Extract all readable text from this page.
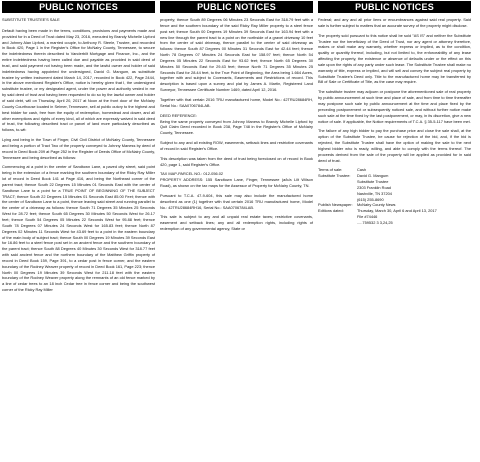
PUBLIC NOTICES
SUBSTITUTE TRUSTEE'S SALE

Default having been made in the terms, conditions, provisions and payments made and provided for in a Deed of Trust dated May 23, 2016, executed by Brandy Michelle Lipford and Johnny Alan Lipford, a married couple, to Anthony R. Steele, Trustee, and recorded in Book 420, Page 1 in the Register's Office for McNairy County, Tennessee, to secure the indebtedness therein described to Vanderbilt Mortgage and Finance, Inc., and the entire indebtedness having been called due and payable as provided in said deed of trust, and said payment not having been made, and the lawful owner and holder of said indebtedness having appointed the undersigned, David G. Mangum, as substitute trustee by written instrument dated March 14, 2017, recorded in Book 422, Page 2444, in the above mentioned Register's Office, notice is hereby given that I, the undersigned substitute trustee, or my designated agent, under the power and authority vested in me by said deed of trust and having been requested to do so by the lawful owner and holder of said debt, will on Thursday, April 20, 2017 at Noon at the front door of the McNairy County Courthouse located in Selmer, Tennessee, sell at public outcry to the highest and best bidder for cash, free from the equity of redemption, homestead and dower, and all other exemptions and rights of every kind, all of which are expressly waived in said deed of trust, the following described tract or parcel of land more particularly described as follows, to-wit:

Lying and being in the Town of Finger, Civil Civil District of McNairy County, Tennessee and being a portion of Tract Two of the property conveyed to Johnny Maness by deed of record in Deed Book 209 at Page 252 in the Register of Deeds Office of McNairy County, Tennessee and being described as follows:

Commencing at a point in the center of Sandtown Lane, a paved city street, said point being in the extension of a fence marking the southern boundary of the Ricky Ray Miller lot of record in Deed Book 141 at Page 416, and being the Northeast corner of the parent tract; thence South 22 Degrees 15 Minutes 01 Seconds East with the center of Sandtown Lane to a point for a TRUE POINT OF BEGINNING OF THE SUBJECT TRACT; thence South 22 Degrees 15 Minutes 01 Seconds East 85.00 Feet; thence with the center of Sandtown Lane to a point, thence leaving said street and running parallel to the center of a driveway as follows: thence South 71 Degrees 35 Minutes 25 Seconds West for 28.72 feet; thence South 65 Degrees 30 Minutes 50 Seconds West for 26.17 feet; thence South 54 Degrees 05 Minutes 22 Seconds West for 95.88 feet; thence South 78 Degrees 07 Minutes 24 Seconds West for 165.83 feet; thence North 87 Degrees 02 Minutes 11 Seconds West for 43.69 feet to a point in the eastern boundary of the main body of subject tract; thence South 00 Degrees 19 Minutes 39 Seconds East for 16.86 feet to a steel fence post set in an ancient fence and the southern boundary of the parent tract; thence South 88 Degrees 40 Minutes 30 Seconds West for 318.77 feet with said ancient fence and the northern boundary of the Matthew Griffin property of record in Deed Book 159, Page 391, to a cedar post in fence corner, and the eastern boundary of the Rodney Weaver property of record in Deed Book 161, Page 223; thence North 00 Degrees 19 Minutes 39 Seconds West for 211.18 feet with the eastern boundary of the Rodney Weaver property along the remnants of an old fence marked by a line of cedar trees to an 18 inch Cedar tree in fence corner and being the southwest corner of the Ricky Ray Miller

PUBLIC NOTICES

property; thence South 89 Degrees 06 Minutes 23 Seconds East for 318.79 feet with a fence and the southern boundary of the said Ricky Ray Miller property to a steel fence post set; thence South 00 Degrees 19 Minutes 39 Seconds East for 163.94 feet with a new line through the parent tract to a point on the northside of a gravel driveway 10 feet from the center of said driveway, thence parallel to the center of said driveway as follows: thence South 87 Degrees 00 Minutes 31 Seconds East for 42.44 feet; thence North 78 Degrees 07 Minutes 24 Seconds East for 158.97 feet; thence North 54 Degrees 05 Minutes 22 Seconds East for 93.62 feet; thence North 65 Degrees 30 Minutes 50 Seconds East for 29.43 feet; thence North 71 Degrees 35 Minutes 25 Seconds East for 28.44 feet, to the True Point of Beginning, the Area being 1.664 Acres, together with and subject to Covenants, Easements and Restrictions of record. This description is based upon a survey and plat by James A. Martin, Registered Land Surveyor, Tennessee Certificate Number 1469, dated April 12, 2016.

Together with that certain 2016 TRU manufactured home, Model No.: 42TRU28684RH, Serial No.: SAA0706784LAB.

DEED REFERENCE:
Being the same property conveyed from Johnny Maness to Brandy Michelle Lipford by Quit Claim Deed recorded in Book 238, Page 748 in the Register's Office of McNairy County, Tennessee.

Subject to any and all existing ROW, easements, setback lines and restrictive covenants of record in said Register's Office.

This description was taken from the deed of trust being foreclosed on of record in Book 420, page 1, said Register's Office.

TAX MAP-PARCEL NO.: 012-056.02
PROPERTY ADDRESS: 155 Sandtown Lane, Finger, Tennessee (a/k/a Lilt Wilson Road), as shown on the tax maps for the Assessor of Property for McNairy County, TN.

Pursuant to T.C.A. 47-9-604, this sale may also include the manufactured home described as one (1) together with that certain 2016 TRU manufactured home, Model No.: 42TRU28684RH16, Serial No.: SAA0706784LAB.

This sale is subject to any and all unpaid real estate taxes; restrictive covenants, easement and setback lines; any and all redemption rights, including rights of redemption of any governmental agency, State or

PUBLIC NOTICES

Federal; and any and all prior liens or encumbrances against said real property. Said sale is further subject to matters that an accurate survey of the property might disclose.

The property sold pursuant to this notice shall be sold "AS IS" and neither the Substitute Trustee nor the beneficiary of the Deed of Trust, nor any agent or attorney therefore, makes or shall make any warranty, whether express or implied, as to the condition, quality or quantity thereof, including, but not limited to, the enforceability of any lease affecting the property, the existence or absence of defaults under or the effect on this sale upon the rights of any party under such lease. The Substitute Trustee shall make no warranty of title, express or implied, and will sell and convey the subject real property by Substitute Trustee's Deed only. Title to the manufactured home may be transferred by Bill of Sale or Certificate of Title, as the case may require.

The substitute trustee may adjourn or postpone the aforementioned sale of real property by public announcement at such time and place of sale, and from time to time thereafter may postpone such sale by public announcement at the time and place fixed by the preceding postponement or subsequently noticed sale, and without further notice make such sale at the time fixed by the last postponement, or may, in its discretion, give a new notice of sale. If applicable, the Notice requirements of T.C.A. § 35-5-117 have been met.

The failure of any high bidder to pay the purchase price and close the sale shall, at the option of the Substitute Trustee, be cause for rejection of the bid, and, if the bid is rejected, the Substitute Trustee shall have the option of making the sale to the next highest bidder who is ready, willing, and able to comply with the terms thereof. The proceeds derived from the sale of the property will be applied as provided for in said deed of trust.

Terms of sale:	Cash
Substitute Trustee:	David G. Mangum
Substitute Trustee
2303 Franklin Road
Nashville, TN 37204
(615) 255-8690
Publish Newspaper:	McNairy County News
Editions dated:	Thursday, March 30, April 6 and April 13, 2017
File #74446
.....759532 3 3,24,25
